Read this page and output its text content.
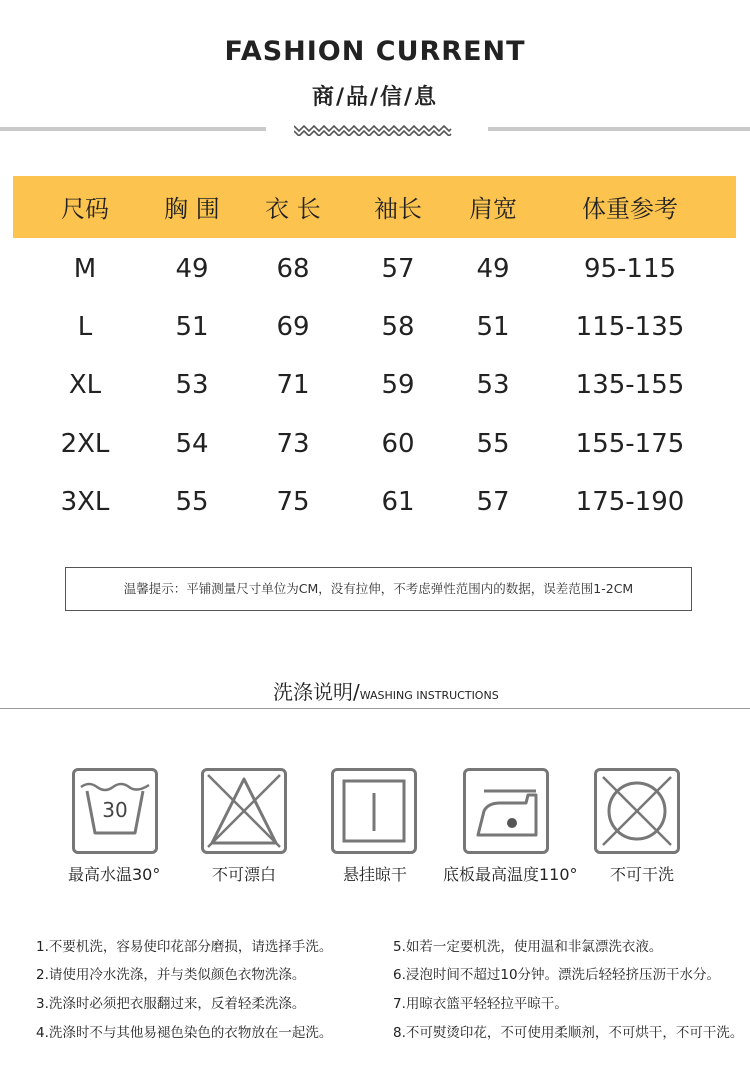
FASHION CURRENT
商/品/信/息
尺码	胸 围	衣 长	袖长	肩宽	体重参考
M	49	68	57	49	95-115
L	51	69	58	51	115-135
XL	53	71	59	53	135-155
2XL	54	73	60	55	155-175
3XL	55	75	61	57	175-190
温馨提示：平铺测量尺寸单位为CM，没有拉伸，不考虑弹性范围内的数据，误差范围1-2CM
洗涤说明/WASHING INSTRUCTIONS
30
最高水温30°	不可漂白	悬挂晾干 底板最高温度110° 不可干洗
1.不要机洗，容易使印花部分磨损，请选择手洗。
2.请使用冷水洗涤，并与类似颜色衣物洗涤。
3.洗涤时必须把衣服翻过来，反着轻柔洗涤。
4.洗涤时不与其他易褪色染色的衣物放在一起洗。
5.如若一定要机洗，使用温和非氯漂洗衣液。
6.浸泡时间不超过10分钟。漂洗后轻轻挤压沥干水分。
7.用晾衣篮平轻轻拉平晾干。
8.不可熨烫印花，不可使用柔顺剂，不可烘干，不可干洗。
